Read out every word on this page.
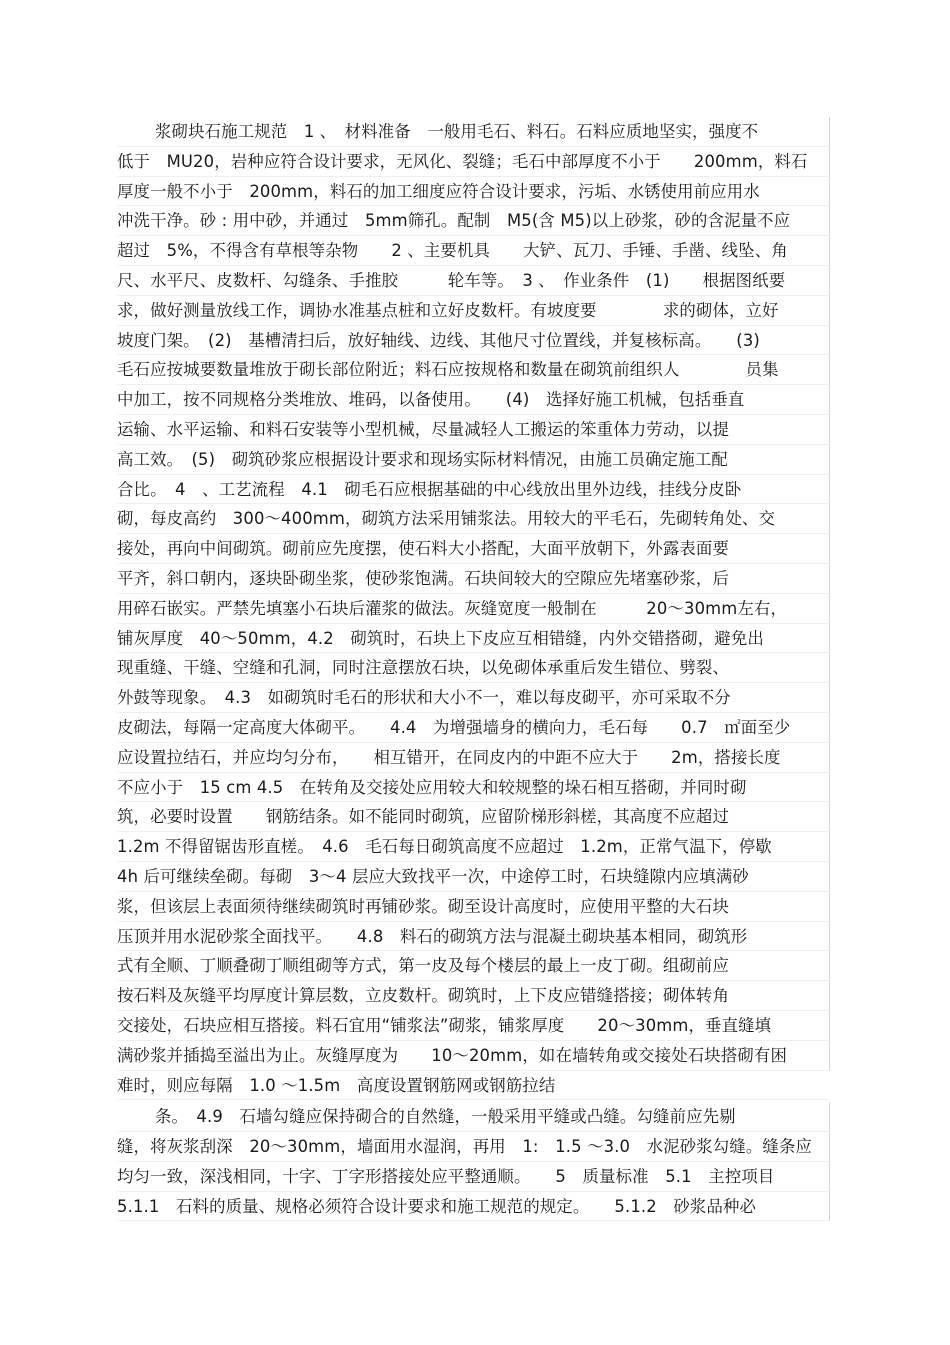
浆砌块石施工规范　1 、　材料准备　一般用毛石、料石。石料应质地坚实，强度不
低于　MU20，岩种应符合设计要求，无风化、裂缝；毛石中部厚度不小于　　200mm，料石
厚度一般不小于　200mm，料石的加工细度应符合设计要求，污垢、水锈使用前应用水
冲洗干净。砂 : 用中砂，并通过　5mm筛孔。配制　M5(含 M5)以上砂浆，砂的含泥量不应
超过　5%，不得含有草根等杂物　　2 、主要机具　　大铲、瓦刀、手锤、手凿、线坠、角
尺、水平尺、皮数杆、勾缝条、手推胶　　　轮车等。　3 、　作业条件　(1)　　根据图纸要
求，做好测量放线工作，调协水准基点桩和立好皮数杆。有坡度要　　　　求的砌体，立好
坡度门架。　(2)　基槽清扫后，放好轴线、边线、其他尺寸位置线，并复核标高。　　(3)
毛石应按城要数量堆放于砌长部位附近；料石应按规格和数量在砌筑前组织人　　　　员集
中加工，按不同规格分类堆放、堆码，以备使用。　　(4)　选择好施工机械，包括垂直
运输、水平运输、和料石安装等小型机械，尽量减轻人工搬运的笨重体力劳动，以提
高工效。　(5)　砌筑砂浆应根据设计要求和现场实际材料情况，由施工员确定施工配
合比。　4　、工艺流程　4.1　砌毛石应根据基础的中心线放出里外边线，挂线分皮卧
砌，每皮高约　300～400mm，砌筑方法采用铺浆法。用较大的平毛石，先砌转角处、交
接处，再向中间砌筑。砌前应先度摆，使石料大小搭配，大面平放朝下，外露表面要
平齐，斜口朝内，逐块卧砌坐浆，使砂浆饱满。石块间较大的空隙应先堵塞砂浆，后
用碎石嵌实。严禁先填塞小石块后灌浆的做法。灰缝宽度一般制在　　　20～30mm左右，
铺灰厚度　40～50mm，4.2　砌筑时，石块上下皮应互相错缝，内外交错搭砌，避免出
现重缝、干缝、空缝和孔洞，同时注意摆放石块，以免砌体承重后发生错位、劈裂、
外鼓等现象。　4.3　如砌筑时毛石的形状和大小不一，难以每皮砌平，亦可采取不分
皮砌法，每隔一定高度大体砌平。　　4.4　为增强墙身的横向力，毛石每　　0.7　㎡面至少
应设置拉结石，并应均匀分布，　　相互错开，在同皮内的中距不应大于　　2m，搭接长度
不应小于　15 cm 4.5　在转角及交接处应用较大和较规整的垛石相互搭砌，并同时砌
筑，必要时设置　　钢筋结条。如不能同时砌筑，应留阶梯形斜槎，其高度不应超过
1.2m 不得留锯齿形直槎。　4.6　毛石每日砌筑高度不应超过　1.2m，正常气温下，停歇
4h 后可继续垒砌。每砌　3～4 层应大致找平一次，中途停工时，石块缝隙内应填满砂
浆，但该层上表面须待继续砌筑时再铺砂浆。砌至设计高度时，应使用平整的大石块
压顶并用水泥砂浆全面找平。　　4.8　料石的砌筑方法与混凝土砌块基本相同，砌筑形
式有全顺、丁顺叠砌丁顺组砌等方式，第一皮及每个楼层的最上一皮丁砌。组砌前应
按石料及灰缝平均厚度计算层数，立皮数杆。砌筑时，上下皮应错缝搭接；砌体转角
交接处，石块应相互搭接。料石宜用“铺浆法”砌浆，铺浆厚度　　20～30mm，垂直缝填
满砂浆并插捣至溢出为止。灰缝厚度为　　10～20mm，如在墙转角或交接处石块搭砌有困
难时，则应每隔　1.0 ～1.5m　高度设置钢筋网或钢筋拉结
条。　4.9　石墙勾缝应保持砌合的自然缝，一般采用平缝或凸缝。勾缝前应先剔
缝，将灰浆刮深　20～30mm，墙面用水湿润，再用　1:　1.5 ～3.0　水泥砂浆勾缝。缝条应
均匀一致，深浅相同，十字、丁字形搭接处应平整通顺。　　5　质量标准　5.1　主控项目
5.1.1　石料的质量、规格必须符合设计要求和施工规范的规定。　　5.1.2　砂浆品种必
